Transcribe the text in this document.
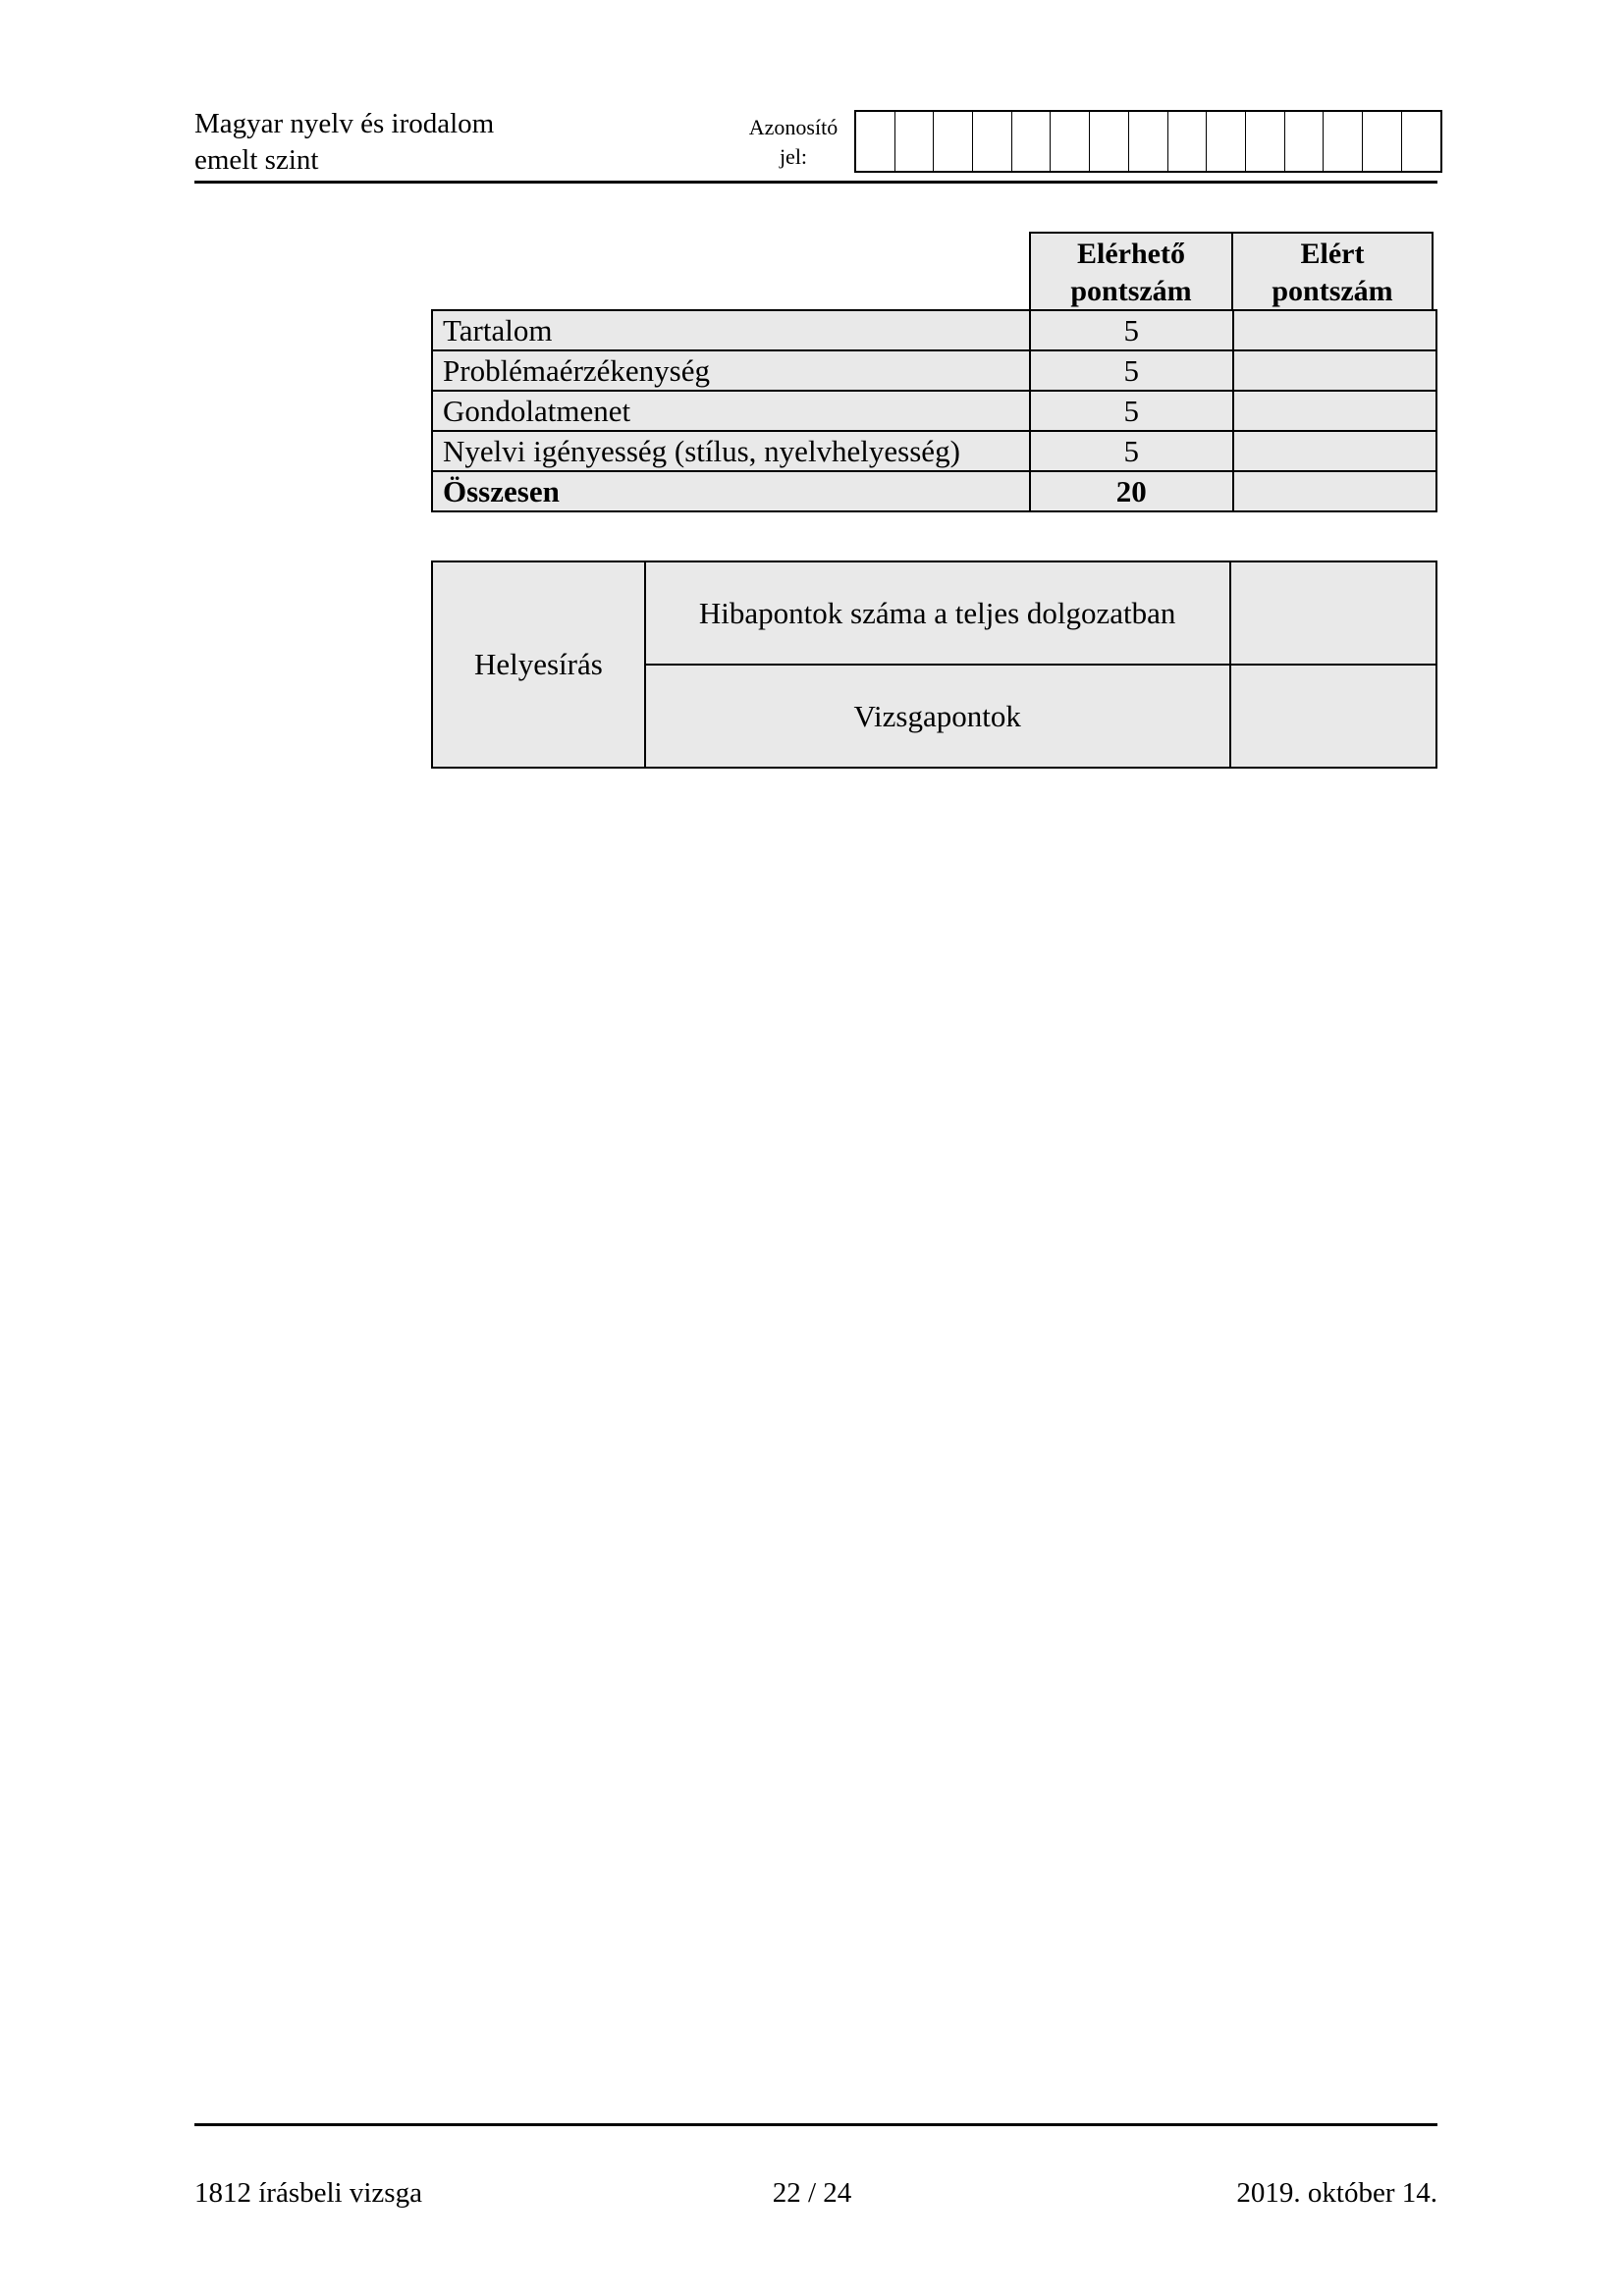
Magyar nyelv és irodalom
emelt szint
Azonosító
jel:
Elérhető
pontszám
Elért
pontszám
Tartalom	5	
Problémaérzékenység	5	
Gondolatmenet	5	
Nyelvi igényesség (stílus, nyelvhelyesség)	5	
Összesen	20	
Helyesírás	Hibapontok száma a teljes dolgozatban	
	Vizsgapontok	
1812 írásbeli vizsga	22 / 24	2019. október 14.
